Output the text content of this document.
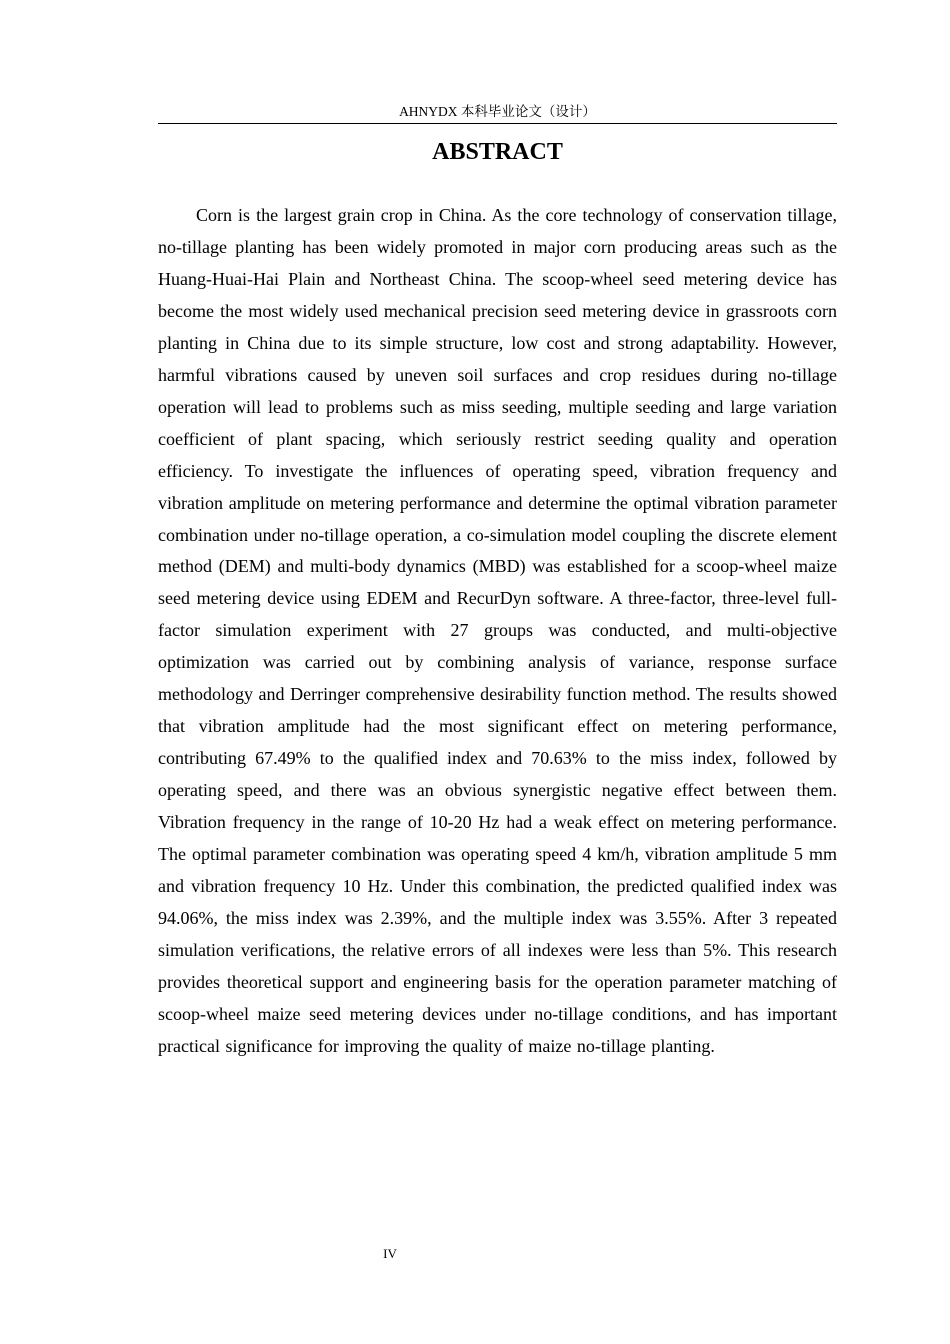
AHNYDX 本科毕业论文（设计）
ABSTRACT

Corn is the largest grain crop in China. As the core technology of conservation tillage, no-tillage planting has been widely promoted in major corn producing areas such as the Huang-Huai-Hai Plain and Northeast China. The scoop-wheel seed metering device has become the most widely used mechanical precision seed metering device in grassroots corn planting in China due to its simple structure, low cost and strong adaptability. However, harmful vibrations caused by uneven soil surfaces and crop residues during no-tillage operation will lead to problems such as miss seeding, multiple seeding and large variation coefficient of plant spacing, which seriously restrict seeding quality and operation efficiency. To investigate the influences of operating speed, vibration frequency and vibration amplitude on metering performance and determine the optimal vibration parameter combination under no-tillage operation, a co-simulation model coupling the discrete element method (DEM) and multi-body dynamics (MBD) was established for a scoop-wheel maize seed metering device using EDEM and RecurDyn software. A three-factor, three-level full-factor simulation experiment with 27 groups was conducted, and multi-objective optimization was carried out by combining analysis of variance, response surface methodology and Derringer comprehensive desirability function method. The results showed that vibration amplitude had the most significant effect on metering performance, contributing 67.49% to the qualified index and 70.63% to the miss index, followed by operating speed, and there was an obvious synergistic negative effect between them. Vibration frequency in the range of 10-20 Hz had a weak effect on metering performance. The optimal parameter combination was operating speed 4 km/h, vibration amplitude 5 mm and vibration frequency 10 Hz. Under this combination, the predicted qualified index was 94.06%, the miss index was 2.39%, and the multiple index was 3.55%. After 3 repeated simulation verifications, the relative errors of all indexes were less than 5%. This research provides theoretical support and engineering basis for the operation parameter matching of scoop-wheel maize seed metering devices under no-tillage conditions, and has important practical significance for improving the quality of maize no-tillage planting.

IV
